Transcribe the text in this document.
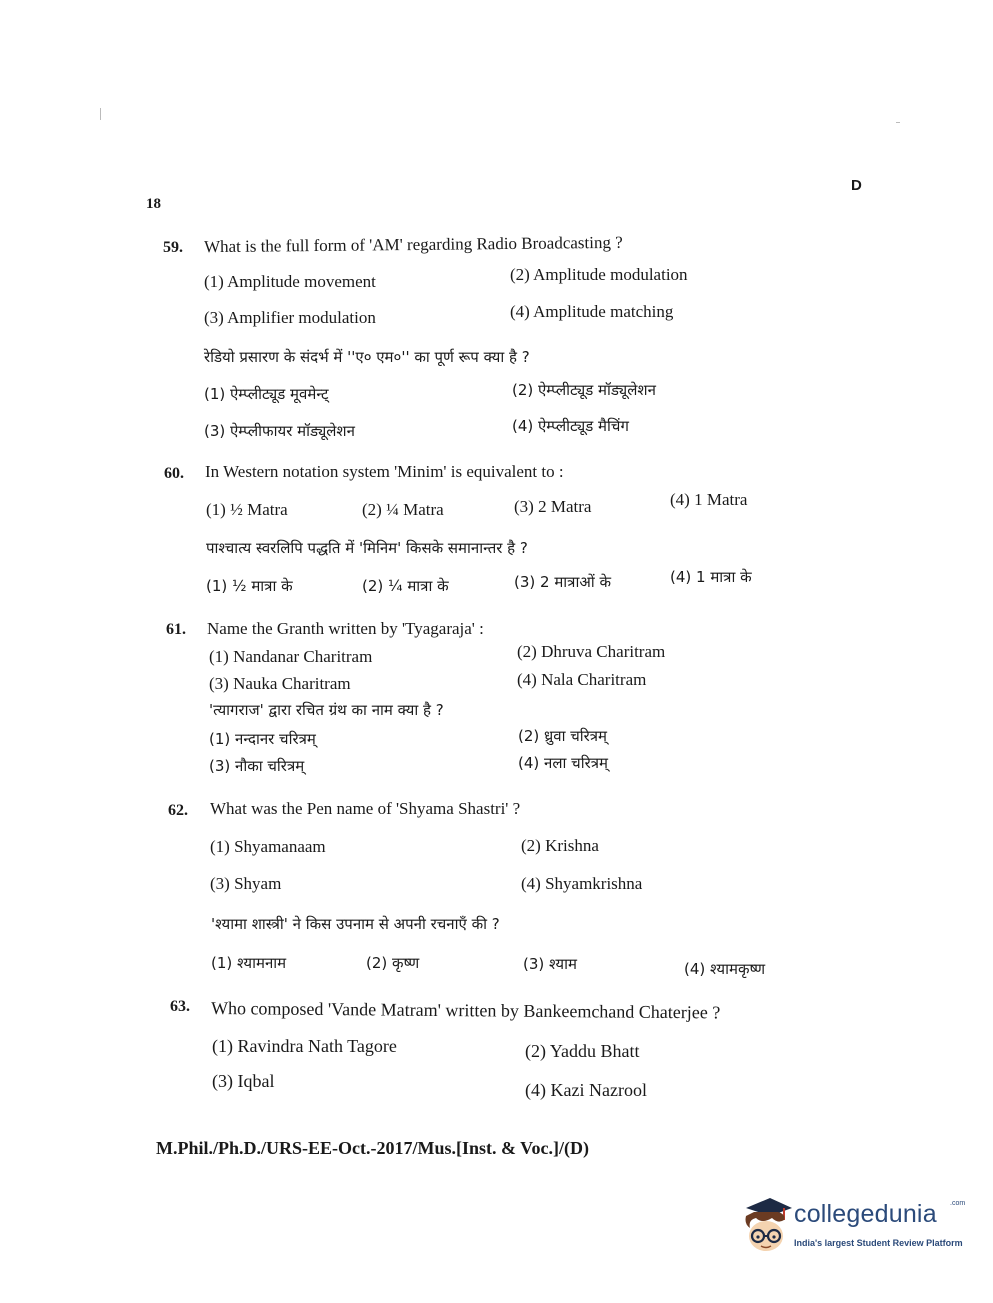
18
D
59. What is the full form of 'AM' regarding Radio Broadcasting ?
(1) Amplitude movement	(2) Amplitude modulation
(3) Amplifier modulation	(4) Amplitude matching
रेडियो प्रसारण के संदर्भ में ''ए० एम०'' का पूर्ण रूप क्या है ?
(1) ऐम्प्लीट्यूड मूवमेन्ट्	(2) ऐम्प्लीट्यूड मॉड्यूलेशन
(3) ऐम्प्लीफायर मॉड्यूलेशन	(4) ऐम्प्लीट्यूड मैचिंग
60. In Western notation system 'Minim' is equivalent to :
(1) ½ Matra	(2) ¼ Matra	(3) 2 Matra	(4) 1 Matra
पाश्चात्य स्वरलिपि पद्धति में 'मिनिम' किसके समानान्तर है ?
(1) ½ मात्रा के	(2) ¼ मात्रा के	(3) 2 मात्राओं के	(4) 1 मात्रा के
61. Name the Granth written by 'Tyagaraja' :
(1) Nandanar Charitram	(2) Dhruva Charitram
(3) Nauka Charitram	(4) Nala Charitram
'त्यागराज' द्वारा रचित ग्रंथ का नाम क्या है ?
(1) नन्दानर चरित्रम्	(2) ध्रुवा चरित्रम्
(3) नौका चरित्रम्	(4) नला चरित्रम्
62. What was the Pen name of 'Shyama Shastri' ?
(1) Shyamanaam	(2) Krishna
(3) Shyam	(4) Shyamkrishna
'श्यामा शास्त्री' ने किस उपनाम से अपनी रचनाएँ की ?
(1) श्यामनाम	(2) कृष्ण	(3) श्याम	(4) श्यामकृष्ण
63. Who composed 'Vande Matram' written by Bankeemchand Chaterjee ?
(1) Ravindra Nath Tagore	(2) Yaddu Bhatt
(3) Iqbal	(4) Kazi Nazrool
M.Phil./Ph.D./URS-EE-Oct.-2017/Mus.[Inst. & Voc.]/(D)
collegedunia .com
India's largest Student Review Platform
